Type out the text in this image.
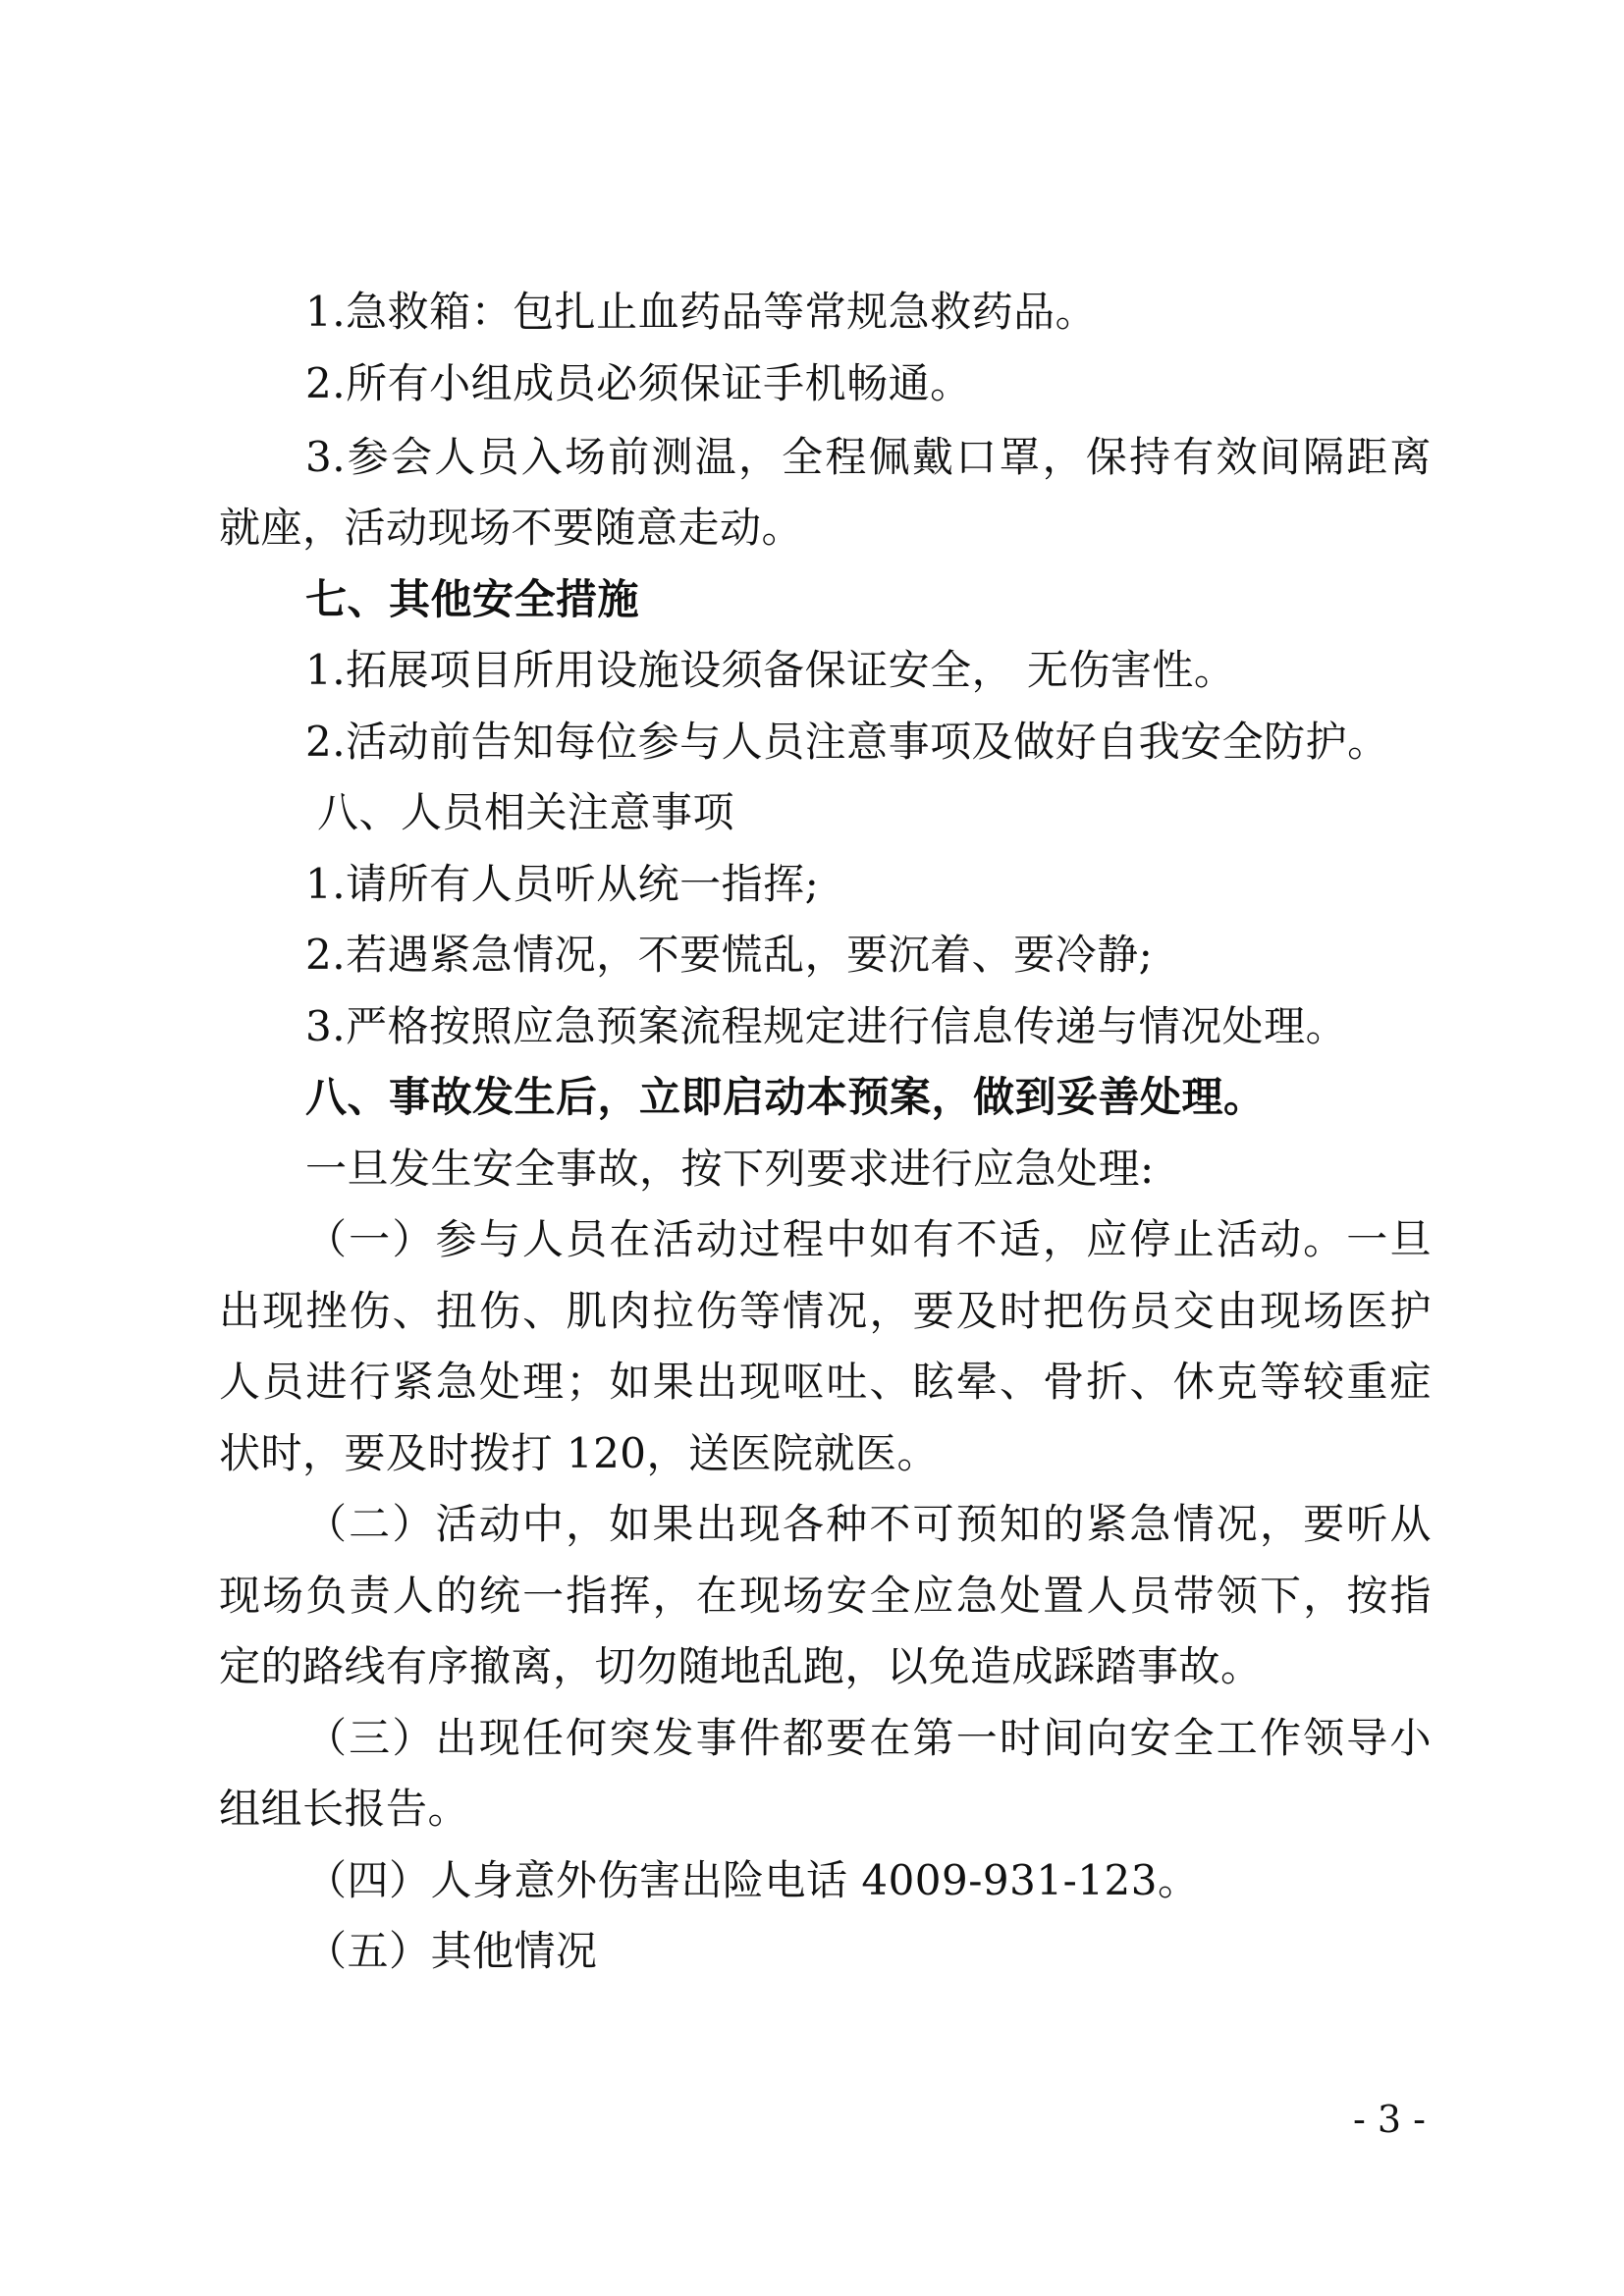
1.急救箱：包扎止血药品等常规急救药品。
2.所有小组成员必须保证手机畅通。
3.参会人员入场前测温，全程佩戴口罩，保持有效间隔距离
就座，活动现场不要随意走动。
七、其他安全措施
1.拓展项目所用设施设须备保证安全， 无伤害性。
2.活动前告知每位参与人员注意事项及做好自我安全防护。
八、人员相关注意事项
1.请所有人员听从统一指挥;
2.若遇紧急情况，不要慌乱，要沉着、要冷静;
3.严格按照应急预案流程规定进行信息传递与情况处理。
八、事故发生后，立即启动本预案，做到妥善处理。
一旦发生安全事故，按下列要求进行应急处理:
（一）参与人员在活动过程中如有不适，应停止活动。一旦
出现挫伤、扭伤、肌肉拉伤等情况，要及时把伤员交由现场医护
人员进行紧急处理；如果出现呕吐、眩晕、骨折、休克等较重症
状时，要及时拨打 120，送医院就医。
（二）活动中，如果出现各种不可预知的紧急情况，要听从
现场负责人的统一指挥，在现场安全应急处置人员带领下，按指
定的路线有序撤离，切勿随地乱跑，以免造成踩踏事故。
（三）出现任何突发事件都要在第一时间向安全工作领导小
组组长报告。
（四）人身意外伤害出险电话 4009-931-123。
（五）其他情况
- 3 -
